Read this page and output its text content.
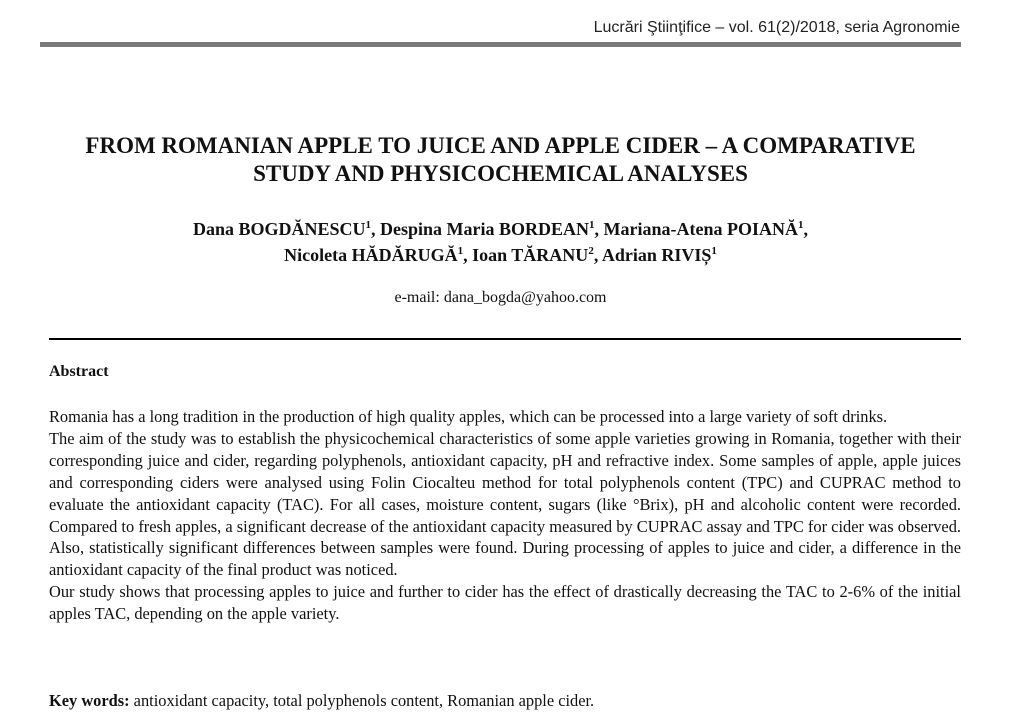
Lucrări Ştiinţifice – vol. 61(2)/2018, seria Agronomie
FROM ROMANIAN APPLE TO JUICE AND APPLE CIDER – A COMPARATIVE
STUDY AND PHYSICOCHEMICAL ANALYSES
Dana BOGDĂNESCU$^1$, Despina Maria BORDEAN$^1$, Mariana-Atena POIANĂ$^1$,
Nicoleta HĂDĂRUGĂ$^1$, Ioan TĂRANU$^2$, Adrian RIVIȘ$^1$
e-mail: dana_bogda@yahoo.com
Abstract

Romania has a long tradition in the production of high quality apples, which can be processed into a large variety of soft drinks.

The aim of the study was to establish the physicochemical characteristics of some apple varieties growing in Romania, together with their corresponding juice and cider, regarding polyphenols, antioxidant capacity, pH and refractive index. Some samples of apple, apple juices and corresponding ciders were analysed using Folin Ciocalteu method for total polyphenols content (TPC) and CUPRAC method to evaluate the antioxidant capacity (TAC). For all cases, moisture content, sugars (like °Brix), pH and alcoholic content were recorded. Compared to fresh apples, a significant decrease of the antioxidant capacity measured by CUPRAC assay and TPC for cider was observed. Also, statistically significant differences between samples were found. During processing of apples to juice and cider, a difference in the antioxidant capacity of the final product was noticed.

Our study shows that processing apples to juice and further to cider has the effect of drastically decreasing the TAC to 2-6% of the initial apples TAC, depending on the apple variety.

Key words: antioxidant capacity, total polyphenols content, Romanian apple cider.
